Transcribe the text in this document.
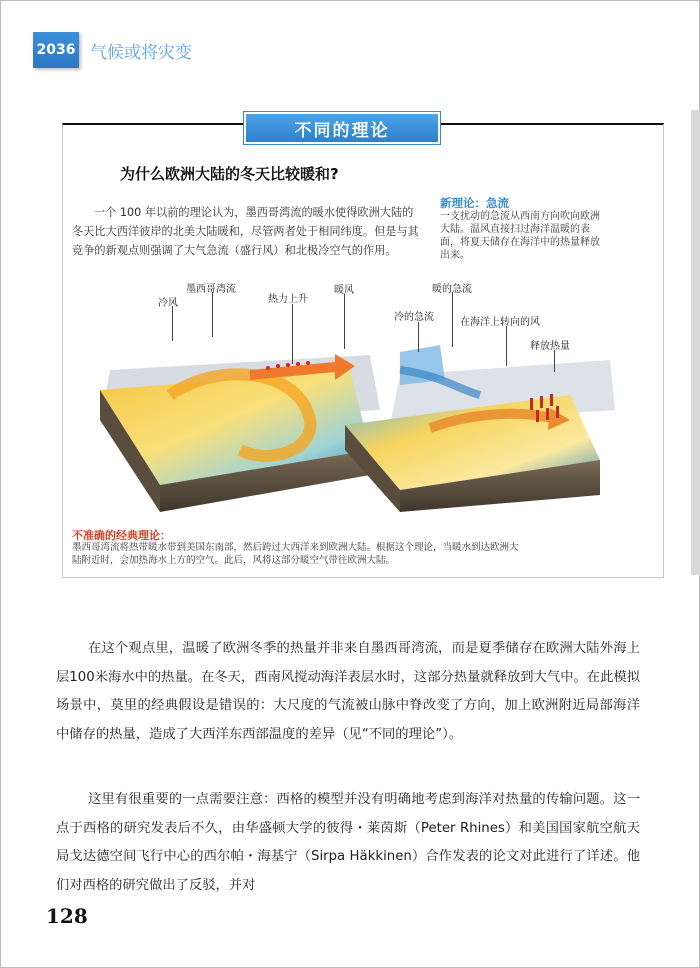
2036 气候或将灾变
不同的理论
为什么欧洲大陆的冬天比较暖和?
一个 100 年以前的理论认为，墨西哥湾流的暖水使得欧洲大陆的冬天比大西洋彼岸的北美大陆暖和，尽管两者处于相同纬度。但是与其竞争的新观点则强调了大气急流（盛行风）和北极冷空气的作用。
新理论：急流
一支扰动的急流从西南方向吹向欧洲大陆。温风直接扫过海洋温暖的表面，将夏天储存在海洋中的热量释放出来。
墨西哥湾流
冷风	热力上升
暖风
冷的急流
暖的急流
在海洋上转向的风
释放热量
不准确的经典理论：
墨西哥湾流将热带暖水带到美国东南部，然后跨过大西洋来到欧洲大陆。根据这个理论，当暖水到达欧洲大陆附近时，会加热海水上方的空气。此后，风将这部分暖空气带往欧洲大陆。
在这个观点里，温暖了欧洲冬季的热量并非来自墨西哥湾流，而是夏季储存在欧洲大陆外海上层100米海水中的热量。在冬天，西南风搅动海洋表层水时，这部分热量就释放到大气中。在此模拟场景中，莫里的经典假设是错误的：大尺度的气流被山脉中脊改变了方向，加上欧洲附近局部海洋中储存的热量，造成了大西洋东西部温度的差异（见“不同的理论”）。
这里有很重要的一点需要注意：西格的模型并没有明确地考虑到海洋对热量的传输问题。这一点于西格的研究发表后不久，由华盛顿大学的彼得・莱茵斯（Peter Rhines）和美国国家航空航天局戈达德空间飞行中心的西尔帕・海基宁（Sirpa Häkkinen）合作发表的论文对此进行了详述。他们对西格的研究做出了反驳，并对
128
